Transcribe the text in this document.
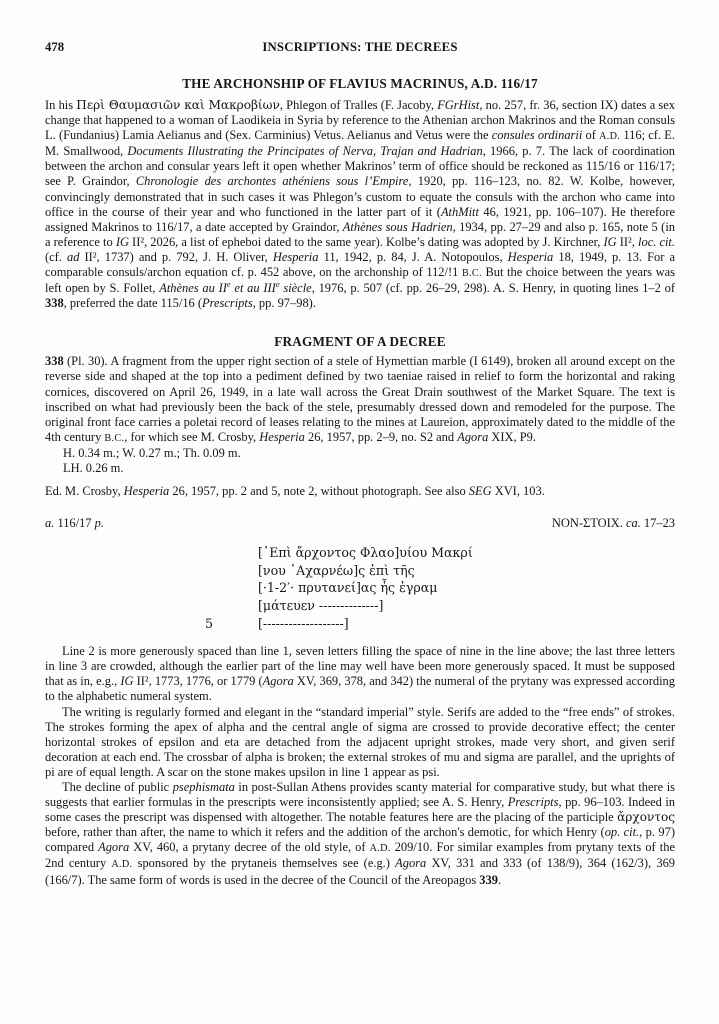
478	INSCRIPTIONS: THE DECREES
THE ARCHONSHIP OF FLAVIUS MACRINUS, A.D. 116/17

In his Περὶ Θαυμασιῶν καὶ Μακροβίων, Phlegon of Tralles (F. Jacoby, FGrHist, no. 257, fr. 36, section IX) dates a sex change that happened to a woman of Laodikeia in Syria by reference to the Athenian archon Makrinos and the Roman consuls L. (Fundanius) Lamia Aelianus and (Sex. Carminius) Vetus. Aelianus and Vetus were the consules ordinarii of A.D. 116; cf. E. M. Smallwood, Documents Illustrating the Principates of Nerva, Trajan and Hadrian, 1966, p. 7. The lack of coordination between the archon and consular years left it open whether Makrinos’ term of office should be reckoned as 115/16 or 116/17; see P. Graindor, Chronologie des archontes athéniens sous l’Empire, 1920, pp. 116–123, no. 82. W. Kolbe, however, convincingly demonstrated that in such cases it was Phlegon’s custom to equate the consuls with the archon who came into office in the course of their year and who functioned in the latter part of it (AthMitt 46, 1921, pp. 106–107). He therefore assigned Makrinos to 116/17, a date accepted by Graindor, Athènes sous Hadrien, 1934, pp. 27–29 and also p. 165, note 5 (in a reference to IG II², 2026, a list of epheboi dated to the same year). Kolbe’s dating was adopted by J. Kirchner, IG II², loc. cit. (cf. ad II², 1737) and p. 792, J. H. Oliver, Hesperia 11, 1942, p. 84, J. A. Notopoulos, Hesperia 18, 1949, p. 13. For a comparable consuls/archon equation cf. p. 452 above, on the archonship of 112/!1 B.C. But the choice between the years was left open by S. Follet, Athènes au IIe et au IIIe siècle, 1976, p. 507 (cf. pp. 26–29, 298). A. S. Henry, in quoting lines 1–2 of 338, preferred the date 115/16 (Prescripts, pp. 97–98).

FRAGMENT OF A DECREE

338 (Pl. 30). A fragment from the upper right section of a stele of Hymettian marble (I 6149), broken all around except on the reverse side and shaped at the top into a pediment defined by two taeniae raised in relief to form the horizontal and raking cornices, discovered on April 26, 1949, in a late wall across the Great Drain southwest of the Market Square. The text is inscribed on what had previously been the back of the stele, presumably dressed down and remodeled for the purpose. The original front face carries a poletai record of leases relating to the mines at Laureion, approximately dated to the middle of the 4th century B.C., for which see M. Crosby, Hesperia 26, 1957, pp. 2–9, no. S2 and Agora XIX, P9.

H. 0.34 m.; W. 0.27 m.; Th. 0.09 m.

LH. 0.26 m.

Ed. M. Crosby, Hesperia 26, 1957, pp. 2 and 5, note 2, without photograph. See also SEG XVI, 103.

a. 116/17 p.	NON-ΣΤΟΙΧ. ca. 17–23
[᾿Επὶ ἄρχοντος Φλαο]υίου Μακρί
[νου ᾿Αχαρνέω]ς ἐπὶ τῆς
[·1-2′· πρυτανεί]ας ἧς ἐγραμ
[μάτευεν --------------]
5	[-------------------]

Line 2 is more generously spaced than line 1, seven letters filling the space of nine in the line above; the last three letters in line 3 are crowded, although the earlier part of the line may well have been more generously spaced. It must be supposed that as in, e.g., IG II², 1773, 1776, or 1779 (Agora XV, 369, 378, and 342) the numeral of the prytany was expressed according to the alphabetic numeral system.

The writing is regularly formed and elegant in the “standard imperial” style. Serifs are added to the “free ends” of strokes. The strokes forming the apex of alpha and the central angle of sigma are crossed to provide decorative effect; the center horizontal strokes of epsilon and eta are detached from the adjacent upright strokes, made very short, and given serif decoration at each end. The crossbar of alpha is broken; the external strokes of mu and sigma are parallel, and the uprights of pi are of equal length. A scar on the stone makes upsilon in line 1 appear as psi.

The decline of public psephismata in post-Sullan Athens provides scanty material for comparative study, but what there is suggests that earlier formulas in the prescripts were inconsistently applied; see A. S. Henry, Prescripts, pp. 96–103. Indeed in some cases the prescript was dispensed with altogether. The notable features here are the placing of the participle ἄρχοντος before, rather than after, the name to which it refers and the addition of the archon's demotic, for which Henry (op. cit., p. 97) compared Agora XV, 460, a prytany decree of the old style, of A.D. 209/10. For similar examples from prytany texts of the 2nd century A.D. sponsored by the prytaneis themselves see (e.g.) Agora XV, 331 and 333 (of 138/9), 364 (162/3), 369 (166/7). The same form of words is used in the decree of the Council of the Areopagos 339.
